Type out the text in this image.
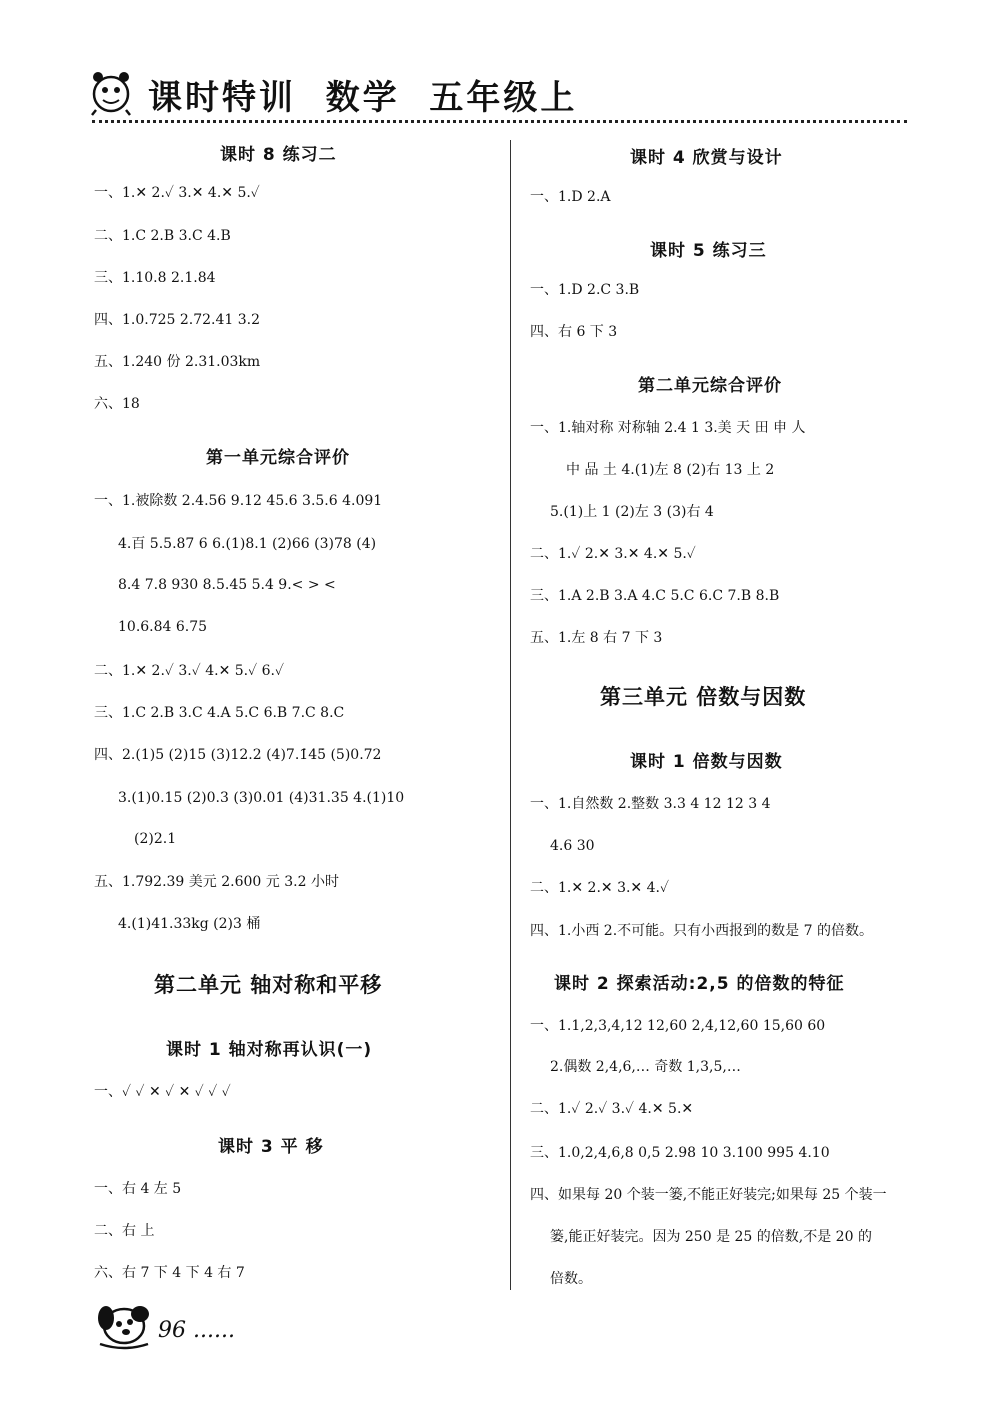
课时特训  数学  五年级上
课时 8 练习二
一、1.✕ 2.✓ 3.✕ 4.✕ 5.✓
二、1.C 2.B 3.C 4.B
三、1.10.8 2.1.84
四、1.0.725 2.72.41 3.2
五、1.240 份 2.31.03km
六、18
第一单元综合评价
一、1.被除数 2.4.56 9.12 45.6 3.5.6 4.091
4.百 5.5.87 6 6.(1)8.1 (2)66 (3)78 (4)
8.4 7.8 930 8.5.4̇5̇ 5.4 9.< > <
10.6.84 6.75
二、1.✕ 2.✓ 3.✓ 4.✕ 5.✓ 6.✓
三、1.C 2.B 3.C 4.A 5.C 6.B 7.C 8.C
四、2.(1)5 (2)15 (3)12.2 (4)7.1̇4̇5̇ (5)0.72
3.(1)0.15 (2)0.3 (3)0.01 (4)31.35 4.(1)10
(2)2.1
五、1.792.39 美元 2.600 元 3.2 小时
4.(1)41.33kg (2)3 桶
第二单元 轴对称和平移
课时 1 轴对称再认识(一)
一、✓ ✓ ✕ ✓ ✕ ✓ ✓ ✓
课时 3 平 移
一、右 4 左 5
二、右 上
六、右 7 下 4 下 4 右 7
课时 4 欣赏与设计
一、1.D 2.A
课时 5 练习三
一、1.D 2.C 3.B
四、右 6 下 3
第二单元综合评价
一、1.轴对称 对称轴 2.4 1 3.美 天 田 申 人
中 品 土 4.(1)左 8 (2)右 13 上 2
5.(1)上 1 (2)左 3 (3)右 4
二、1.✓ 2.✕ 3.✕ 4.✕ 5.✓
三、1.A 2.B 3.A 4.C 5.C 6.C 7.B 8.B
五、1.左 8 右 7 下 3
第三单元 倍数与因数
课时 1 倍数与因数
一、1.自然数 2.整数 3.3 4 12 12 3 4
4.6 30
二、1.✕ 2.✕ 3.✕ 4.✓
四、1.小西 2.不可能。只有小西报到的数是 7 的倍数。
课时 2 探索活动:2,5 的倍数的特征
一、1.1,2,3,4,12 12,60 2,4,12,60 15,60 60
2.偶数 2,4,6,… 奇数 1,3,5,…
二、1.✓ 2.✓ 3.✓ 4.✕ 5.✕
三、1.0,2,4,6,8 0,5 2.98 10 3.100 995 4.10
四、如果每 20 个装一篓,不能正好装完;如果每 25 个装一
篓,能正好装完。因为 250 是 25 的倍数,不是 20 的
倍数。
96 ......
